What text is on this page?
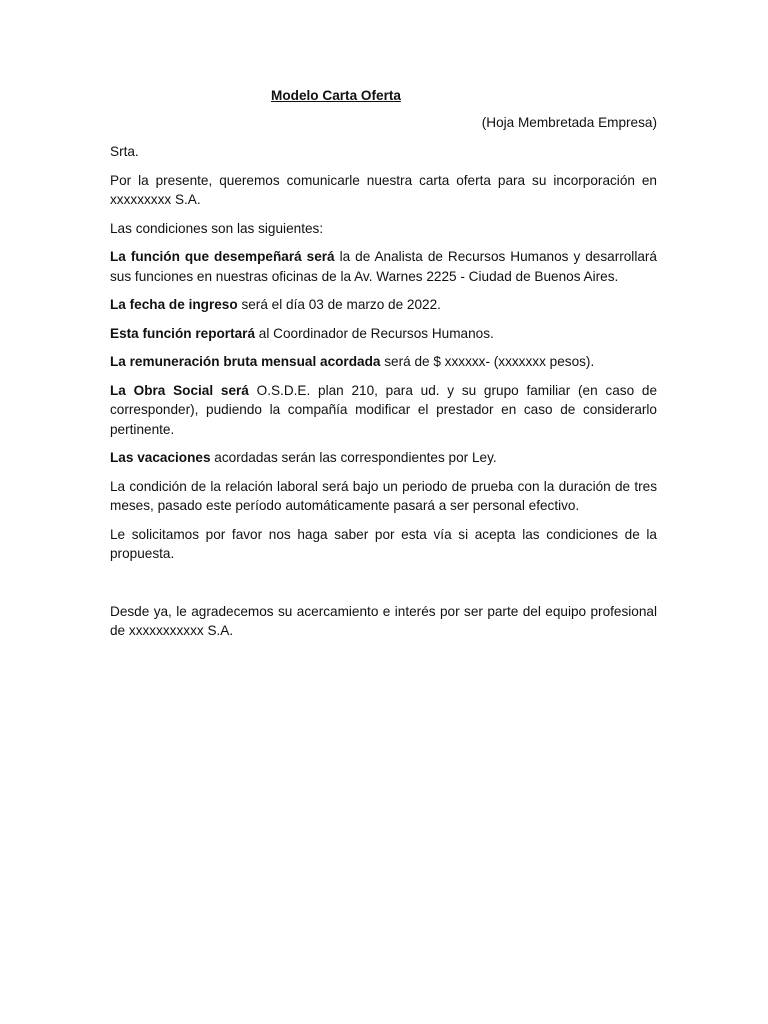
Modelo Carta Oferta

(Hoja Membretada Empresa)

Srta.

Por la presente, queremos comunicarle nuestra carta oferta para su incorporación en xxxxxxxxx S.A.

Las condiciones son las siguientes:

La función que desempeñará será la de Analista de Recursos Humanos y desarrollará sus funciones en nuestras oficinas de la Av. Warnes 2225 - Ciudad de Buenos Aires.

La fecha de ingreso será el día 03 de marzo de 2022.

Esta función reportará al Coordinador de Recursos Humanos.

La remuneración bruta mensual acordada será de $ xxxxxx- (xxxxxxx pesos).

La Obra Social será O.S.D.E. plan 210, para ud. y su grupo familiar (en caso de corresponder), pudiendo la compañía modificar el prestador en caso de considerarlo pertinente.

Las vacaciones acordadas serán las correspondientes por Ley.

La condición de la relación laboral será bajo un periodo de prueba con la duración de tres meses, pasado este período automáticamente pasará a ser personal efectivo.

Le solicitamos por favor nos haga saber por esta vía si acepta las condiciones de la propuesta.

Desde ya, le agradecemos su acercamiento e interés por ser parte del equipo profesional de xxxxxxxxxxx S.A.
